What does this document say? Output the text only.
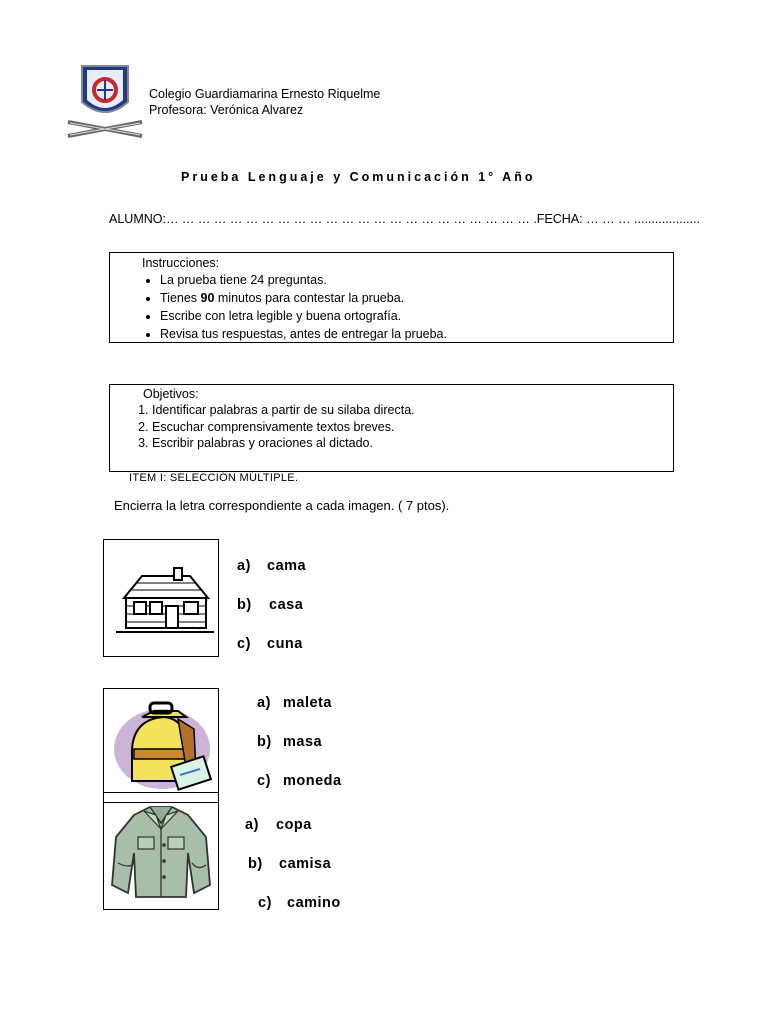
Colegio Guardiamarina Ernesto Riquelme
Profesora: Verónica Alvarez
Prueba Lenguaje y Comunicación 1° Año
ALUMNO:… … … … … … … … … … … … … … … … … … … … … … … .FECHA: … … … ...................
Instrucciones:
• La prueba tiene 24 preguntas.
• Tienes 90 minutos para contestar la prueba.
• Escribe con letra legible y buena ortografía.
• Revisa tus respuestas, antes de entregar la prueba.
Objetivos:
1. Identificar palabras a partir de su silaba directa.
2. Escuchar comprensivamente textos breves.
3. Escribir palabras y oraciones al dictado.
ITEM I: SELECCIÓN MÚLTIPLE.
Encierra la letra correspondiente a cada imagen. ( 7 ptos).
a) cama
b) casa
c) cuna
a) maleta
b) masa
c) moneda
a) copa
b) camisa
c) camino
